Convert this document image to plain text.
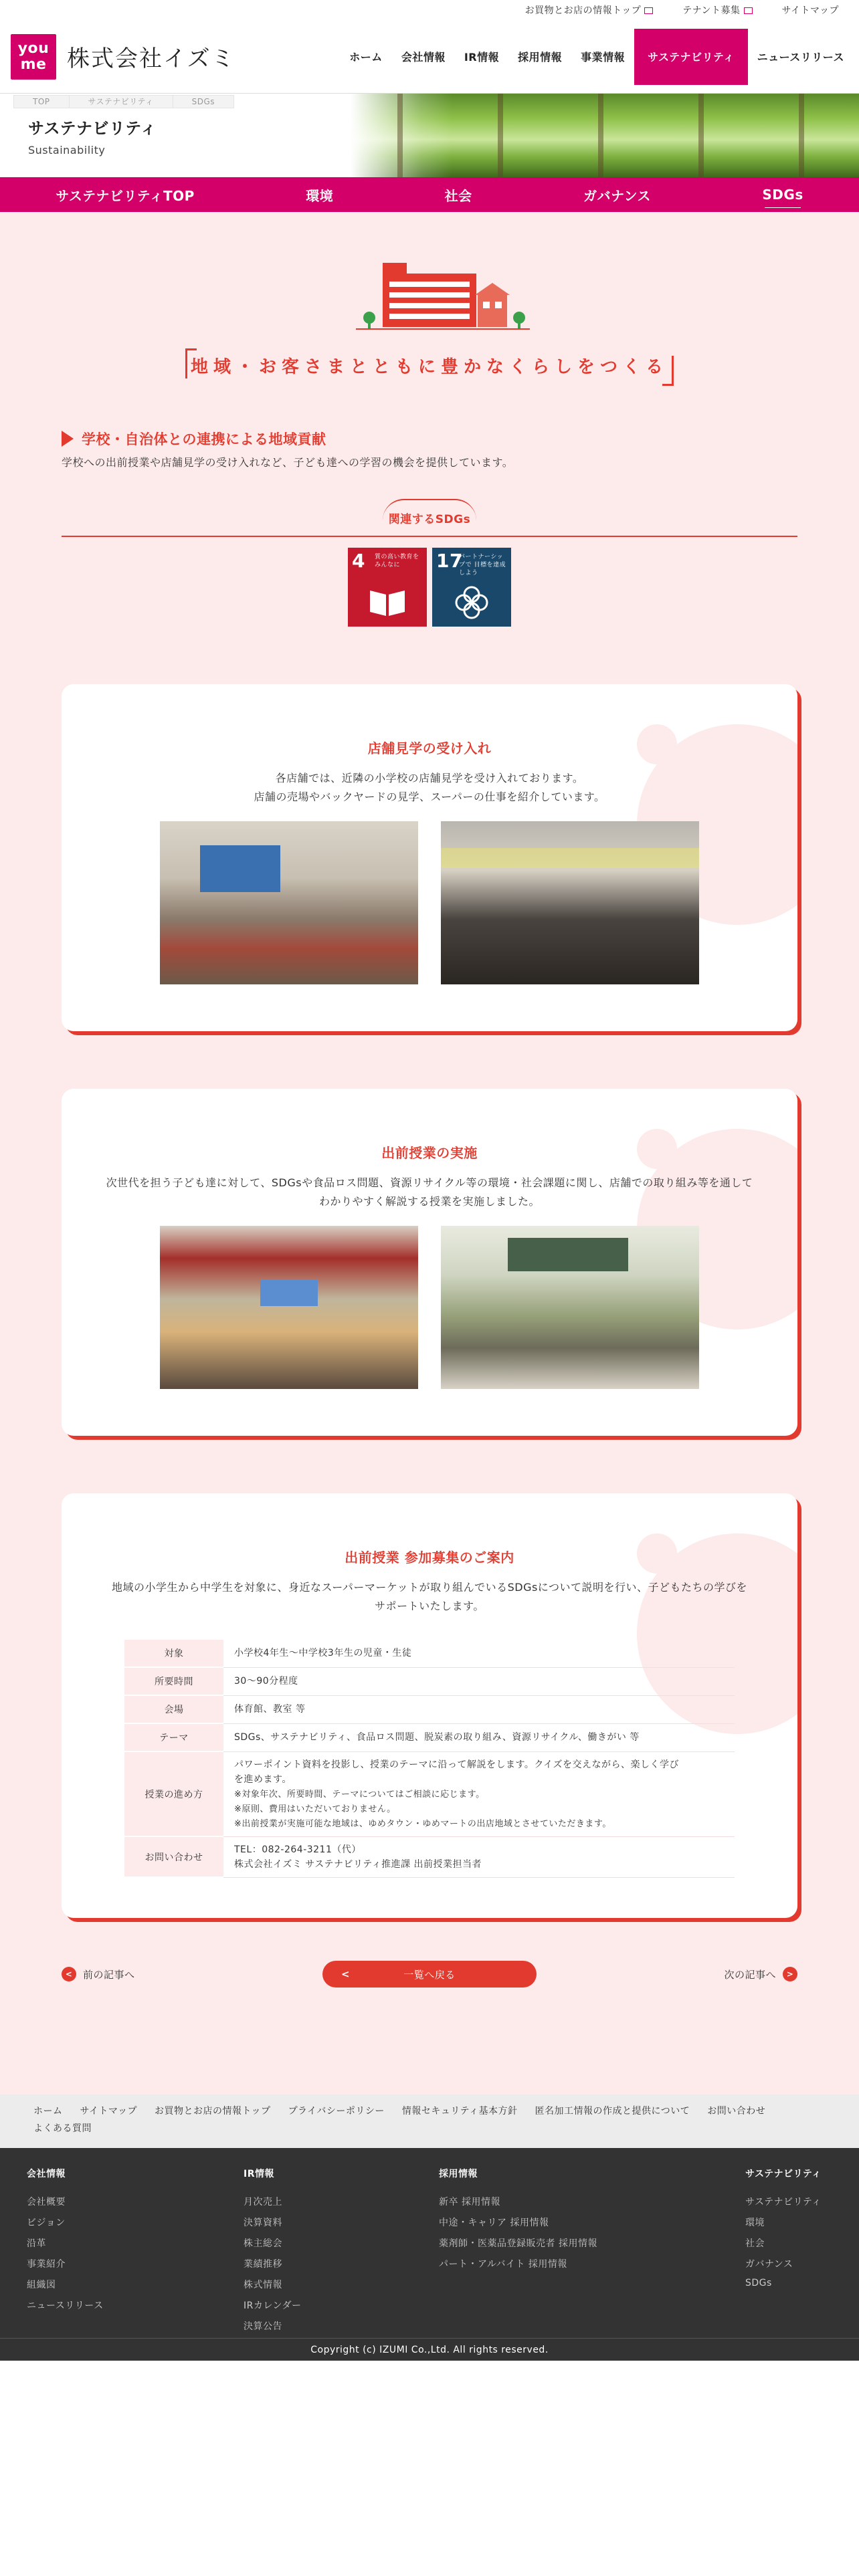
お買物とお店の情報トップ	テナント募集	サイトマップ
you
me 株式会社イズミ	ホーム	会社情報	IR情報	採用情報	事業情報	サステナビリティ	ニュースリリース
TOP	サステナビリティ	SDGs
サステナビリティ

Sustainability

サステナビリティTOP	環境	社会	ガバナンス	SDGs
地域・お客さまとともに豊かなくらしをつくる
学校・自治体との連携による地域貢献

学校への出前授業や店舗見学の受け入れなど、子ども達への学習の機会を提供しています。

関連するSDGs
4	質の高い教育を みんなに	17
パートナーシップで 目標を達成しよう
店舗見学の受け入れ

各店舗では、近隣の小学校の店舗見学を受け入れております。
店舗の売場やバックヤードの見学、スーパーの仕事を紹介しています。

出前授業の実施

次世代を担う子ども達に対して、SDGsや食品ロス問題、資源リサイクル等の環境・社会課題に関し、店舗での取り組み等を通して
わかりやすく解説する授業を実施しました。

出前授業 参加募集のご案内

地域の小学生から中学生を対象に、身近なスーパーマーケットが取り組んでいるSDGsについて説明を行い、子どもたちの学びを
サポートいたします。

対象	小学校4年生～中学校3年生の児童・生徒
所要時間	30～90分程度
会場	体育館、教室 等
テーマ	SDGs、サステナビリティ、食品ロス問題、脱炭素の取り組み、資源リサイクル、働きがい 等
授業の進め方	パワーポイント資料を投影し、授業のテーマに沿って解説をします。クイズを交えながら、楽しく学び
を進めます。
※対象年次、所要時間、テーマについてはご相談に応じます。
※原則、費用はいただいておりません。
※出前授業が実施可能な地域は、ゆめタウン・ゆめマートの出店地域とさせていただきます。
お問い合わせ	TEL：082-264-3211（代）
株式会社イズミ サステナビリティ推進課 出前授業担当者
<	前の記事へ	<	一覧へ戻る	次の記事へ	>
ホーム サイトマップ お買物とお店の情報トップ プライバシーポリシー 情報セキュリティ基本方針 匿名加工情報の作成と提供について お問い合わせ
よくある質問
会社情報
会社概要
ビジョン
沿革
事業紹介
組織図
ニュースリリース
IR情報
月次売上
決算資料
株主総会
業績推移
株式情報
IRカレンダー
決算公告
採用情報
新卒 採用情報
中途・キャリア 採用情報
薬剤師・医薬品登録販売者 採用情報
パート・アルバイト 採用情報
サステナビリティ
サステナビリティ
環境
社会
ガバナンス
SDGs
Copyright (c) IZUMI Co.,Ltd. All rights reserved.
